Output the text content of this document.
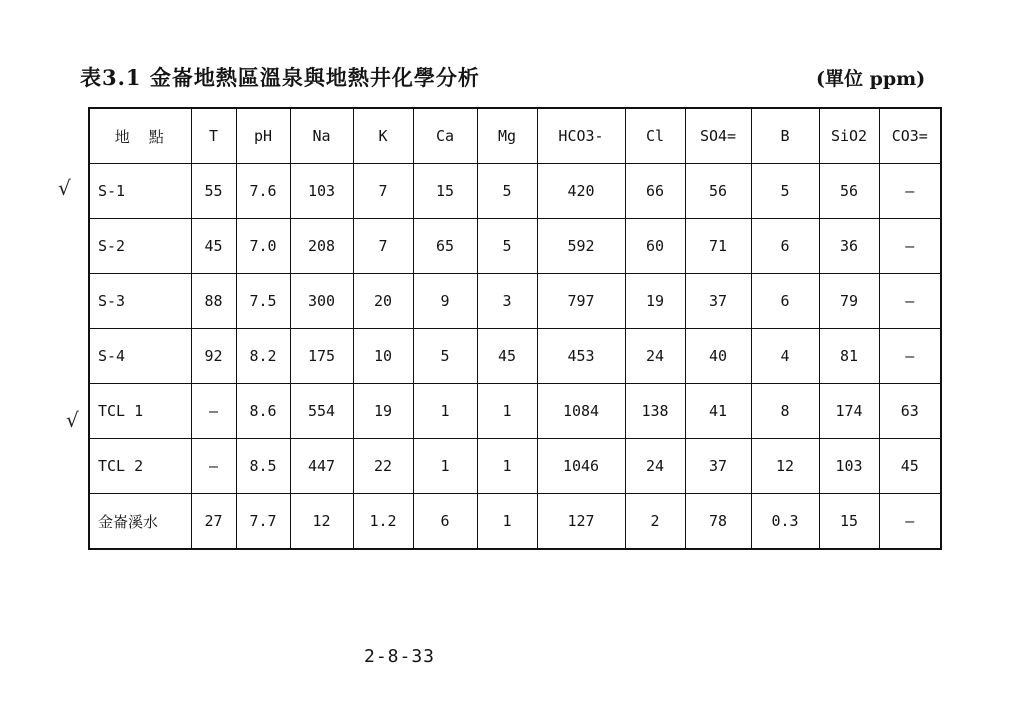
表3.1 金崙地熱區溫泉與地熱井化學分析	(單位 ppm)
√
√
地　點	T	pH	Na	K	Ca	Mg	HCO3-	Cl	SO4=	B	SiO2	CO3=
S-1	55	7.6	103	7	15	5	420	66	56	5	56	—
S-2	45	7.0	208	7	65	5	592	60	71	6	36	—
S-3	88	7.5	300	20	9	3	797	19	37	6	79	—
S-4	92	8.2	175	10	5	45	453	24	40	4	81	—
TCL 1	—	8.6	554	19	1	1	1084	138	41	8	174	63
TCL 2	—	8.5	447	22	1	1	1046	24	37	12	103	45
金崙溪水	27	7.7	12	1.2	6	1	127	2	78	0.3	15	—
2-8-33
